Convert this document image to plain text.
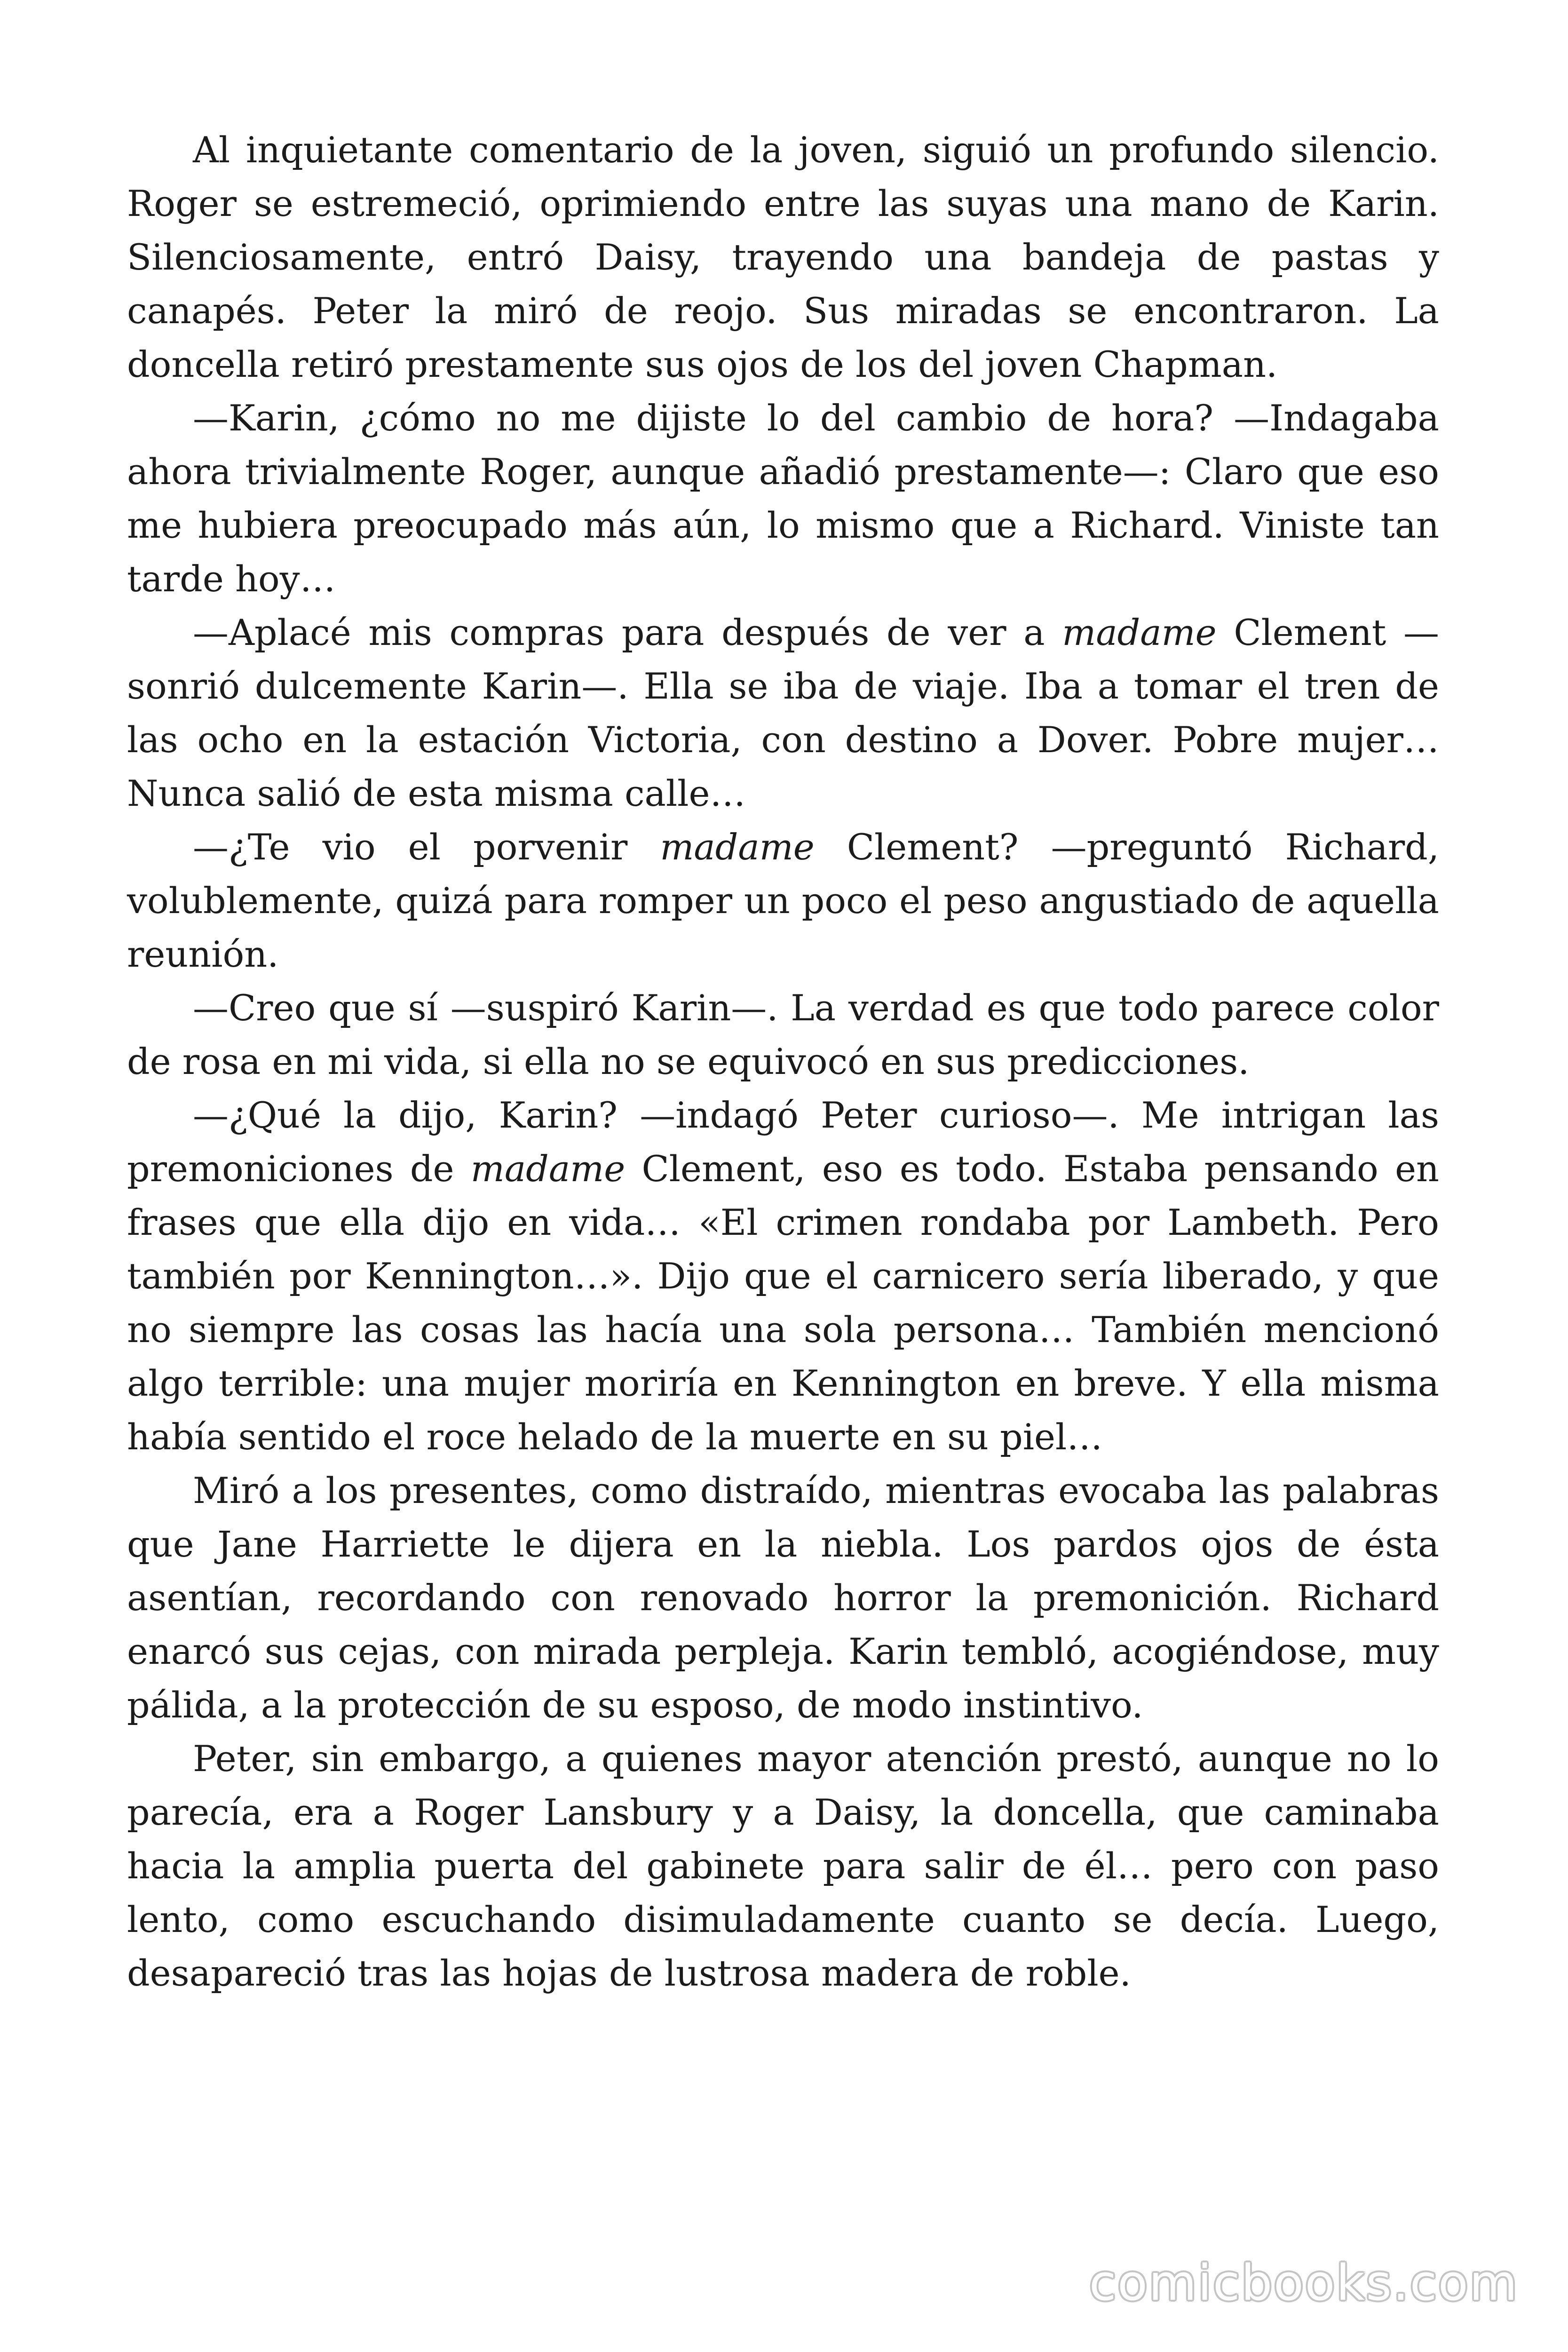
Al inquietante comentario de la joven, siguió un profundo silencio. Roger se estremeció, oprimiendo entre las suyas una mano de Karin. Silenciosamente, entró Daisy, trayendo una bandeja de pastas y canapés. Peter la miró de reojo. Sus miradas se encontraron. La doncella retiró prestamente sus ojos de los del joven Chapman.

—Karin, ¿cómo no me dijiste lo del cambio de hora? —Indagaba ahora trivialmente Roger, aunque añadió prestamente—: Claro que eso me hubiera preocupado más aún, lo mismo que a Richard. Viniste tan tarde hoy…

—Aplacé mis compras para después de ver a madame Clement —sonrió dulcemente Karin—. Ella se iba de viaje. Iba a tomar el tren de las ocho en la estación Victoria, con destino a Dover. Pobre mujer… Nunca salió de esta misma calle…

—¿Te vio el porvenir madame Clement? —preguntó Richard, volublemente, quizá para romper un poco el peso angustiado de aquella reunión.

—Creo que sí —suspiró Karin—. La verdad es que todo parece color de rosa en mi vida, si ella no se equivocó en sus predicciones.

—¿Qué la dijo, Karin? —indagó Peter curioso—. Me intrigan las premoniciones de madame Clement, eso es todo. Estaba pensando en frases que ella dijo en vida… «El crimen rondaba por Lambeth. Pero también por Kennington…». Dijo que el carnicero sería liberado, y que no siempre las cosas las hacía una sola persona… También mencionó algo terrible: una mujer moriría en Kennington en breve. Y ella misma había sentido el roce helado de la muerte en su piel…

Miró a los presentes, como distraído, mientras evocaba las palabras que Jane Harriette le dijera en la niebla. Los pardos ojos de ésta asentían, recordando con renovado horror la premonición. Richard enarcó sus cejas, con mirada perpleja. Karin tembló, acogiéndose, muy pálida, a la protección de su esposo, de modo instintivo.

Peter, sin embargo, a quienes mayor atención prestó, aunque no lo parecía, era a Roger Lansbury y a Daisy, la doncella, que caminaba hacia la amplia puerta del gabinete para salir de él… pero con paso lento, como escuchando disimuladamente cuanto se decía. Luego, desapareció tras las hojas de lustrosa madera de roble.

comicbooks.com
